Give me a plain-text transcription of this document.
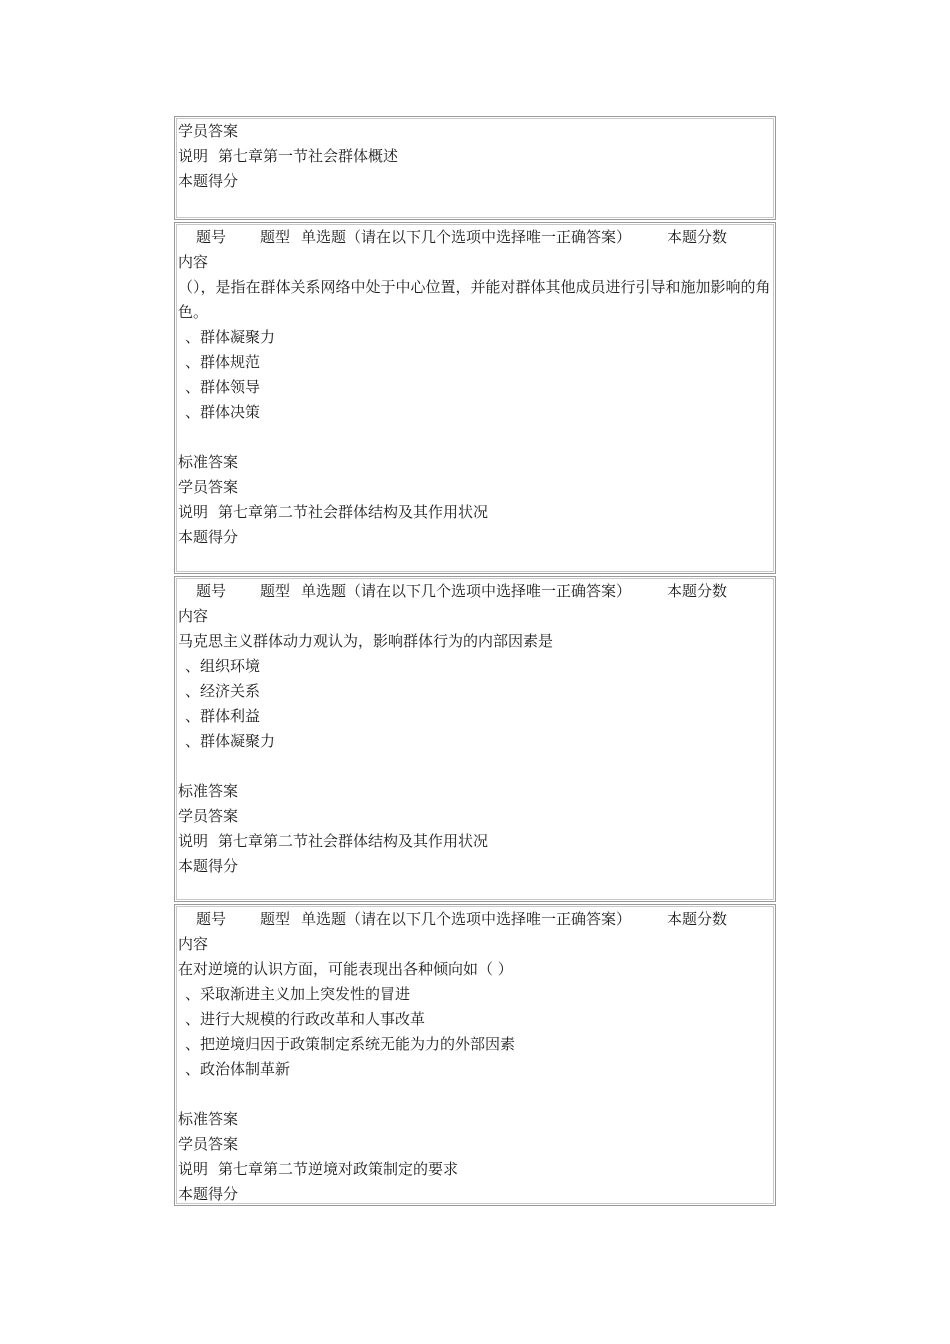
学员答案
说明 第七章第一节社会群体概述
本题得分
题号 题型 单选题（请在以下几个选项中选择唯一正确答案） 本题分数
内容
（），是指在群体关系网络中处于中心位置，并能对群体其他成员进行引导和施加影响的角色。
、群体凝聚力
、群体规范
、群体领导
、群体决策
标准答案
学员答案
说明 第七章第二节社会群体结构及其作用状况
本题得分
题号 题型 单选题（请在以下几个选项中选择唯一正确答案） 本题分数
内容
马克思主义群体动力观认为，影响群体行为的内部因素是
、组织环境
、经济关系
、群体利益
、群体凝聚力
标准答案
学员答案
说明 第七章第二节社会群体结构及其作用状况
本题得分
题号 题型 单选题（请在以下几个选项中选择唯一正确答案） 本题分数
内容
在对逆境的认识方面，可能表现出各种倾向如（ ）
、采取渐进主义加上突发性的冒进
、进行大规模的行政改革和人事改革
、把逆境归因于政策制定系统无能为力的外部因素
、政治体制革新
标准答案
学员答案
说明 第七章第二节逆境对政策制定的要求
本题得分
